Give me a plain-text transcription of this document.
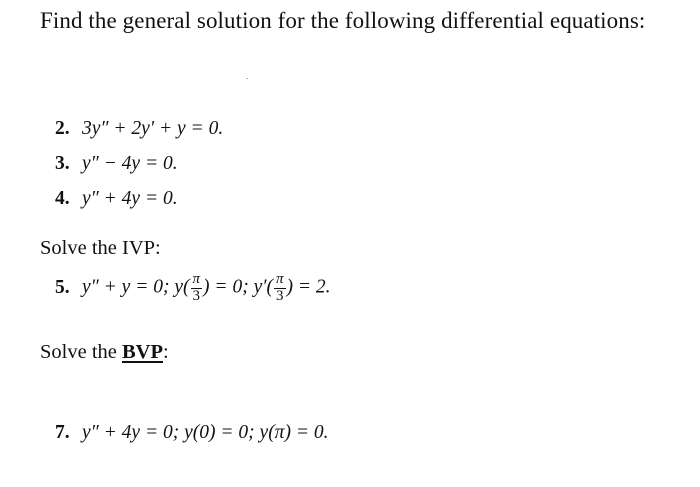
Find the general solution for the following differential equations:
2. 3y″ + 2y′ + y = 0.
3. y″ − 4y = 0.
4. y″ + 4y = 0.
Solve the IVP:
5. y″ + y = 0; $y( \frac{\pi}{3}$ ) = 0; $y'( \frac{\pi}{3}$ ) = 2.
Solve the BVP:
7. y″ + 4y = 0; y(0) = 0; y(π) = 0.
